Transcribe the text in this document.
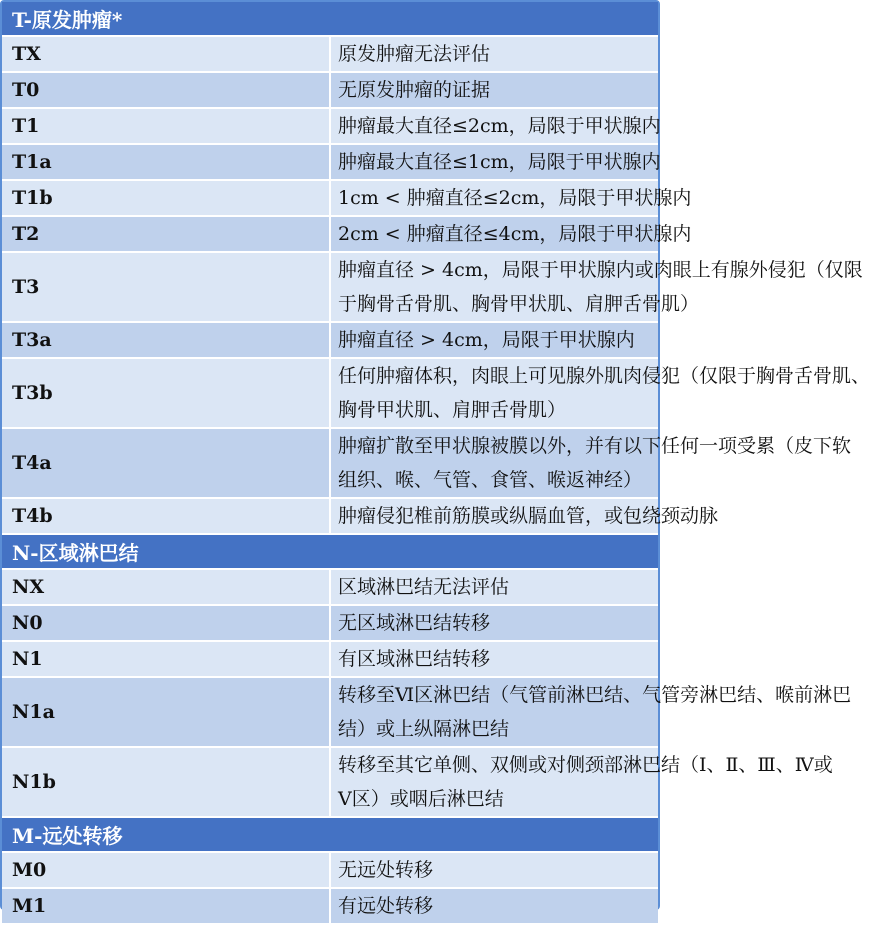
T-原发肿瘤*	
TX	原发肿瘤无法评估

T0	无原发肿瘤的证据

T1	肿瘤最大直径≤2cm，局限于甲状腺内

T1a	肿瘤最大直径≤1cm，局限于甲状腺内

T1b	1cm < 肿瘤直径≤2cm，局限于甲状腺内

T2	2cm < 肿瘤直径≤4cm，局限于甲状腺内

T3	肿瘤直径 > 4cm，局限于甲状腺内或肉眼上有腺外侵犯（仅限
于胸骨舌骨肌、胸骨甲状肌、肩胛舌骨肌）

T3a	肿瘤直径 > 4cm，局限于甲状腺内

T3b	任何肿瘤体积，肉眼上可见腺外肌肉侵犯（仅限于胸骨舌骨肌、
胸骨甲状肌、肩胛舌骨肌）

T4a	肿瘤扩散至甲状腺被膜以外，并有以下任何一项受累（皮下软
组织、喉、气管、食管、喉返神经）

T4b	肿瘤侵犯椎前筋膜或纵膈血管，或包绕颈动脉

N-区域淋巴结	
NX	区域淋巴结无法评估

N0	无区域淋巴结转移

N1	有区域淋巴结转移

N1a	转移至Ⅵ区淋巴结（气管前淋巴结、气管旁淋巴结、喉前淋巴
结）或上纵隔淋巴结

N1b	转移至其它单侧、双侧或对侧颈部淋巴结（Ⅰ、Ⅱ、Ⅲ、Ⅳ或
Ⅴ区）或咽后淋巴结

M-远处转移	
M0	无远处转移

M1	有远处转移
